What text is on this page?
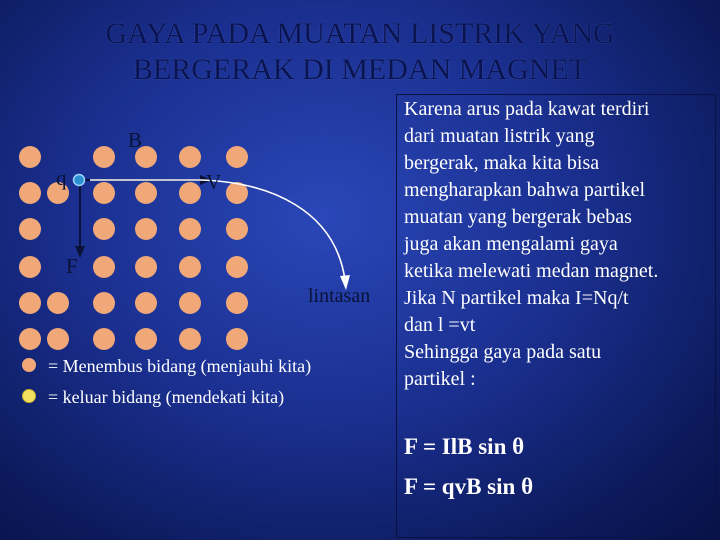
GAYA PADA MUATAN LISTRIK YANG
BERGERAK DI MEDAN MAGNET
B
q	V
F
lintasan
= Menembus bidang (menjauhi kita)
= keluar bidang (mendekati kita)
Karena arus pada kawat terdiri
dari muatan listrik yang
bergerak, maka kita bisa
mengharapkan bahwa partikel
muatan yang bergerak bebas
juga akan mengalami gaya
ketika melewati medan magnet.
Jika N partikel maka I=Nq/t
dan l =vt
Sehingga gaya pada satu
partikel :
F = IlB sin θ
F = qvB sin θ
